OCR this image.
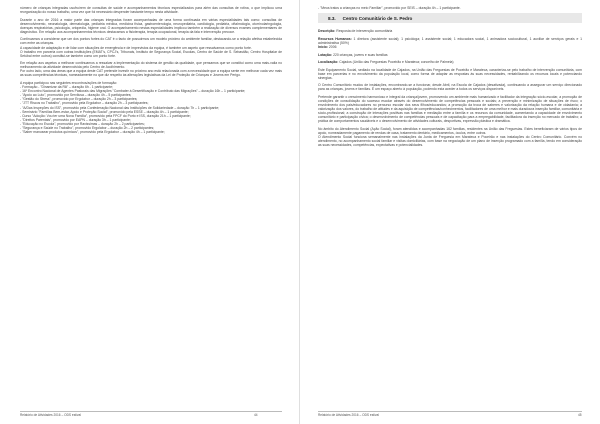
número de crianças integradas usufruírem de consultas de saúde e acompanhamentos técnicos especializados para além das consultas de rotina, o que implicou uma reorganização do nosso trabalho, uma vez que foi necessário despender bastante tempo nesta atividade.

Durante o ano de 2016 a maior parte das crianças integradas foram acompanhadas de uma forma continuada em várias especialidades tais como: consultas de desenvolvimento, neonatologia, dermatologia, pediatria médica, medicina física, gastroenterologia, neuropediatria, cardiologia, pediatria, oftalmologia, otorrinolaringologia, doenças respiratórias, psicologia, ortopedia, higiene oral. O acompanhamento nestas especialidades implicou também a realização de diversos exames complementares de diagnóstico. Em relação aos acompanhamentos técnicos destacamos a fisioterapia, terapia ocupacional, terapia da fala e intervenção precoce.

Continuamos a considerar que um dos pontos fortes do CAT é o facto de possuirmos um modelo próximo do ambiente familiar, destacando-se a relação afetiva estabelecida com entre as crianças.

A capacidade de adaptação e de lidar com situações de emergência e de imprevistos da equipa, é também um aspeto que ressalvamos como ponto forte.

O trabalho em parceria com outras instituições (EMAT's, CPCJ's, Tribunais, Instituto de Segurança Social, Escolas, Centro de Saúde de S. Sebastião, Centro Hospitalar de Setúbal entre outros) constitui-se também como um ponto forte.

Em relação aos aspetos a melhorar continuamos a ressalvar a implementação do sistema de gestão da qualidade, que pensamos que se constitui como uma mais-valia no melhoramento da atividade desenvolvida pelo Centro de Acolhimento.

Por outro lado, uma das áreas que a equipa deste CAT pretende investir no próximo ano está relacionada com a necessidade que a equipa sente em melhorar cada vez mais as suas competências técnicas, nomeadamente no que diz respeito às alterações legislativas da Lei de Proteção de Crianças e Jovens em Perigo.

A equipa participou nas seguintes encontros/ações de formação:

- Formação - "Dinamizar da Rã" – duração 6h - 1 participante;
- 16º Encontro Nacional de Agentes Pastorais das Migrações "Combater à Desertificação e Contributo das Migrações" – duração 16h – 1 participante;
- "Apoio ao Luto", promovido por Servilusa – duração 4h – 5 participantes;
- "Gestão do Stress", promovido por Ergolabor – duração 2h – 3 participantes;
- "JTT Riscos no Trabalho", promovido pela Ergolabor – duração 2h – 3 participantes;
- "A/Das Inspeções do ISS", promovido pela Confederação Nacional das Instituições de Solidariedade – duração 7h – 1 participante;
- Seminário "Famílias Bem-estar, Apoio e Proteção Social", promovido pela ESSE – duração 4h – 1 participante;
- Curso "Adoção: Vou ter uma Nova Família", promovido pela FPCF do Porto e ISS, duração 21h – 1 participante;
- "Direitos Parentais", promovido por EAPN – duração 3h – 1 participante;
- "Educação no Escola", promovido por Ravissimas – duração 2h – 2 participantes;
- "Segurança e Saúde no Trabalho", promovido Ergolabor – duração 2h – 2 participantes;
- "Saber manusear produtos químicos", promovido pela Ergolabor – duração 4h – 1 participante;
Relatório de Atividades 2016 – ODS estival	44

- "Meus tratos a crianças no meio Familiar", promovido por SEIS – duração 4h – 1 participante.

8.3. Centro Comunitário de S. Pedro

Descrição: Resposta de intervenção comunitária

Recursos Humanos: 1 diretora (assistente social); 1 psicóloga; 1 assistente social; 1 educadora social, 1 animadora sociocultural, 1 auxiliar de serviços gerais e 1 administrativa (50%)

Início: 2006

Lotação: 220 crianças, jovens e suas famílias

Localização: Cajados (União das Freguesias Poceirão e Marateca; concelho de Palmela)

Este Equipamento Social, sediado na localidade de Cajados, na União das Freguesias de Poceirão e Marateca, caracteriza-se pelo trabalho de intervenção comunitária, com base em parcerias e no envolvimento da população local, como forma de adaptar as respostas às suas necessidades, rentabilizando os recursos locais e potenciando sinergias.

O Centro Comunitário mudou de instalações, encontrando-se a funcionar, desde Abril, na Escola de Cajados (desativada), continuando a assegurar um serviço direcionado para as crianças, jovens e famílias. É um espaço aberto à população, podendo esta aceder a todos os serviços disponíveis.

Pretende garantir o crescimento harmonioso e integral da criança/jovem, promovendo um ambiente mais humanizado e facilitador da integração sócio-escolar, a promoção de condições de consolidação do sucesso escolar através do desenvolvimento de competências pessoais e sociais; a prevenção e minimização de situações de risco; o envolvimento dos pais/educadores no percurso escolar dos seus filhos/educandos; a promoção da troca de saberes e valorização da relação humana e de cidadania; a valorização dos valores, do trabalho de atitudes e da aquisição de competências/conhecimentos, facilitadores de uma melhor e mais duradoura inserção familiar, comunitária e sócio-profissional; a construção de interações positivas nas famílias e mediação entre a família e os recursos da comunidade, aumentando a capacidade de envolvimento comunitário e participação cívica; o desenvolvimento de competências pessoais e de capacitação para a empregabilidade, facilitadora da inserção no mercado de trabalho; a prática de comportamentos saudáveis e o desenvolvimento de atividades culturais, desportivas, expressão plástica e dramática.

No âmbito do Atendimento Social (Ação Social), foram atendidas e acompanhadas 162 famílias, residentes na União das Freguesias. Estes beneficiaram de vários tipos de apoio, nomeadamente pagamento de rendas de casa, tratamento dentário, medicamentos, óculos, entre outros.

O Atendimento Social funciona semanalmente nas instalações da Junta de Freguesia em Marateca e Poceirão e nas instalações do Centro Comunitário. Convém no atendimento, no acompanhamento social familiar e visitas domiciliárias, com base na negociação de um plano de inserção programado com a família, tendo em consideração as suas necessidades, competências, expectativas e potencialidades.

Relatório de Atividades 2016 – ODS estival	45
